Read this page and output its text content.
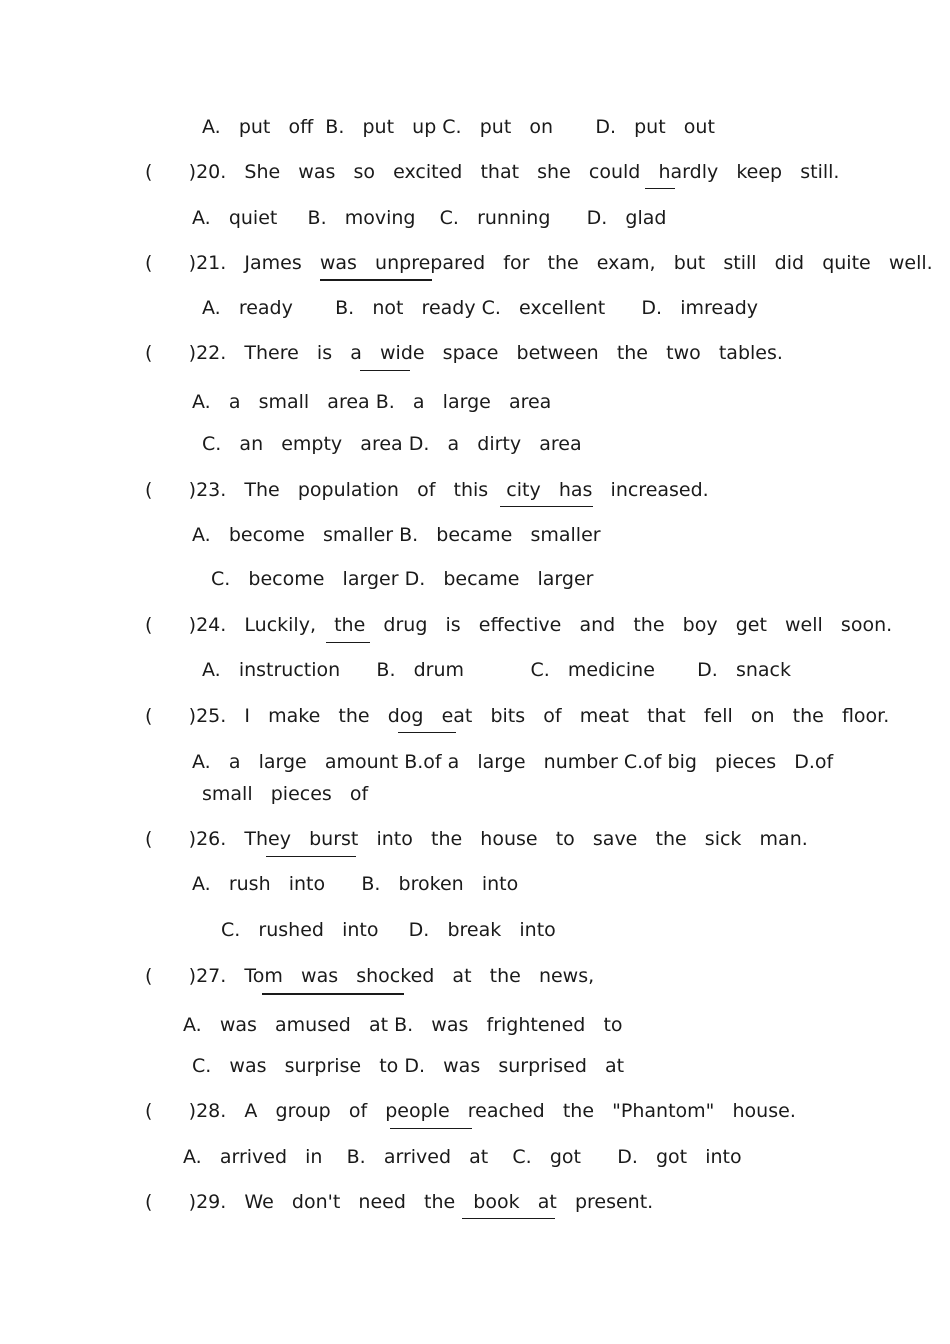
A.   put   off  B.   put   up C.   put   on       D.   put   out
(      )20.   She   was   so   excited   that   she   could   hardly   keep   still.
A.   quiet     B.   moving    C.   running      D.   glad
(      )21.   James   was   unprepared   for   the   exam,   but   still   did   quite   well.
A.   ready       B.   not   ready C.   excellent      D.   imready
(      )22.   There   is   a   wide   space   between   the   two   tables.
A.   a   small   area B.   a   large   area
C.   an   empty   area D.   a   dirty   area
(      )23.   The   population   of   this   city   has   increased.
A.   become   smaller B.   became   smaller
C.   become   larger D.   became   larger
(      )24.   Luckily,   the   drug   is   effective   and   the   boy   get   well   soon.
A.   instruction      B.   drum           C.   medicine       D.   snack
(      )25.   I   make   the   dog   eat   bits   of   meat   that   fell   on   the   floor.
A.   a   large   amount B.of a   large   number C.of big   pieces   D.of
small   pieces   of
(      )26.   They   burst   into   the   house   to   save   the   sick   man.
A.   rush   into      B.   broken   into
C.   rushed   into     D.   break   into
(      )27.   Tom   was   shocked   at   the   news,
A.   was   amused   at B.   was   frightened   to
C.   was   surprise   to D.   was   surprised   at
(      )28.   A   group   of   people   reached   the   "Phantom"   house.
A.   arrived   in    B.   arrived   at    C.   got      D.   got   into
(      )29.   We   don't   need   the   book   at   present.
